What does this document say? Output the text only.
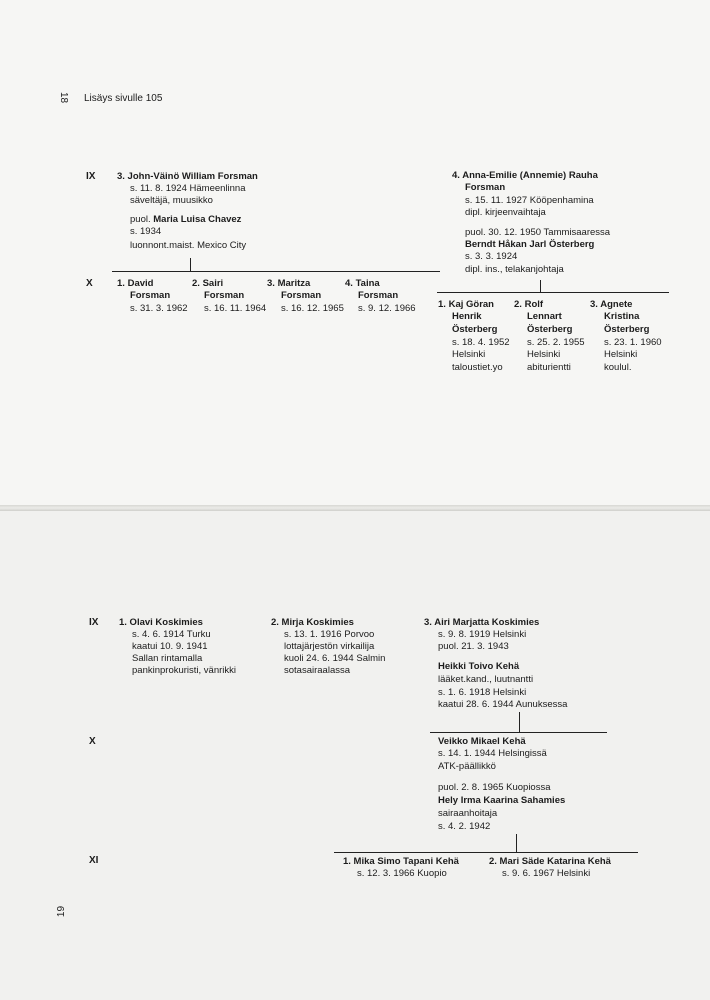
18 Lisäys sivulle 105
IX
X
3. John-Väinö William Forsman
s. 11. 8. 1924 Hämeenlinna
säveltäjä, muusikko
puol. Maria Luisa Chavez
s. 1934
luonnont.maist. Mexico City
4. Anna-Emilie (Annemie) Rauha
Forsman
s. 15. 11. 1927 Kööpenhamina
dipl. kirjeenvaihtaja
puol. 30. 12. 1950 Tammisaaressa
Berndt Håkan Jarl Österberg
s. 3. 3. 1924
dipl. ins., telakanjohtaja
1. David
Forsman
s. 31. 3. 1962
2. Sairi
Forsman
s. 16. 11. 1964
3. Maritza
Forsman
s. 16. 12. 1965
4. Taina
Forsman
s. 9. 12. 1966 1. Kaj Göran
Henrik
Österberg
s. 18. 4. 1952
Helsinki
taloustiet.yo
2. Rolf
Lennart
Österberg
s. 25. 2. 1955
Helsinki
abiturientti
3. Agnete
Kristina
Österberg
s. 23. 1. 1960
Helsinki
koulul.
IX
X
XI
19
1. Olavi Koskimies
s. 4. 6. 1914 Turku
kaatui 10. 9. 1941
Sallan rintamalla
pankinprokuristi, vänrikki
2. Mirja Koskimies
s. 13. 1. 1916 Porvoo
lottajärjestön virkailija
kuoli 24. 6. 1944 Salmin
sotasairaalassa
3. Airi Marjatta Koskimies
s. 9. 8. 1919 Helsinki
puol. 21. 3. 1943
Heikki Toivo Kehä
lääket.kand., luutnantti
s. 1. 6. 1918 Helsinki
kaatui 28. 6. 1944 Aunuksessa
Veikko Mikael Kehä
s. 14. 1. 1944 Helsingissä
ATK-päällikkö
puol. 2. 8. 1965 Kuopiossa
Hely Irma Kaarina Sahamies
sairaanhoitaja
s. 4. 2. 1942
1. Mika Simo Tapani Kehä
s. 12. 3. 1966 Kuopio
2. Mari Säde Katarina Kehä
s. 9. 6. 1967 Helsinki
